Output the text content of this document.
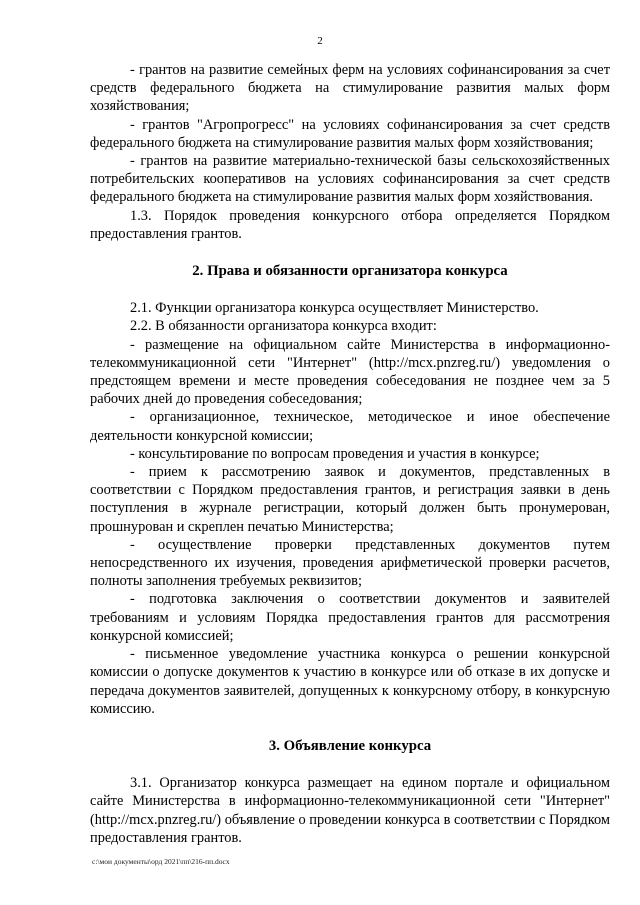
2

- грантов на развитие семейных ферм на условиях софинансирования за счет средств федерального бюджета на стимулирование развития малых форм хозяйствования;

- грантов "Агропрогресс" на условиях софинансирования за счет средств федерального бюджета на стимулирование развития малых форм хозяйствования;

- грантов на развитие материально-технической базы сельскохозяйственных потребительских кооперативов на условиях софинансирования за счет средств федерального бюджета на стимулирование развития малых форм хозяйствования.

1.3. Порядок проведения конкурсного отбора определяется Порядком предоставления грантов.

2. Права и обязанности организатора конкурса

2.1. Функции организатора конкурса осуществляет Министерство.

2.2. В обязанности организатора конкурса входит:

- размещение на официальном сайте Министерства в информационно-телекоммуникационной сети "Интернет" (http://mcx.pnzreg.ru/) уведомления о предстоящем времени и месте проведения собеседования не позднее чем за 5 рабочих дней до проведения собеседования;

- организационное, техническое, методическое и иное обеспечение деятельности конкурсной комиссии;

- консультирование по вопросам проведения и участия в конкурсе;

- прием к рассмотрению заявок и документов, представленных в соответствии с Порядком предоставления грантов, и регистрация заявки в день поступления в журнале регистрации, который должен быть пронумерован, прошнурован и скреплен печатью Министерства;

- осуществление проверки представленных документов путем непосредственного их изучения, проведения арифметической проверки расчетов, полноты заполнения требуемых реквизитов;

- подготовка заключения о соответствии документов и заявителей требованиям и условиям Порядка предоставления грантов для рассмотрения конкурсной комиссией;

- письменное уведомление участника конкурса о решении конкурсной комиссии о допуске документов к участию в конкурсе или об отказе в их допуске и передача документов заявителей, допущенных к конкурсному отбору, в конкурсную комиссию.

3. Объявление конкурса

3.1. Организатор конкурса размещает на едином портале и официальном сайте Министерства в информационно-телекоммуникационной сети "Интернет" (http://mcx.pnzreg.ru/) объявление о проведении конкурса в соответствии с Порядком предоставления грантов.

c:\мои документы\орд 2021\пп\216-пп.docx
